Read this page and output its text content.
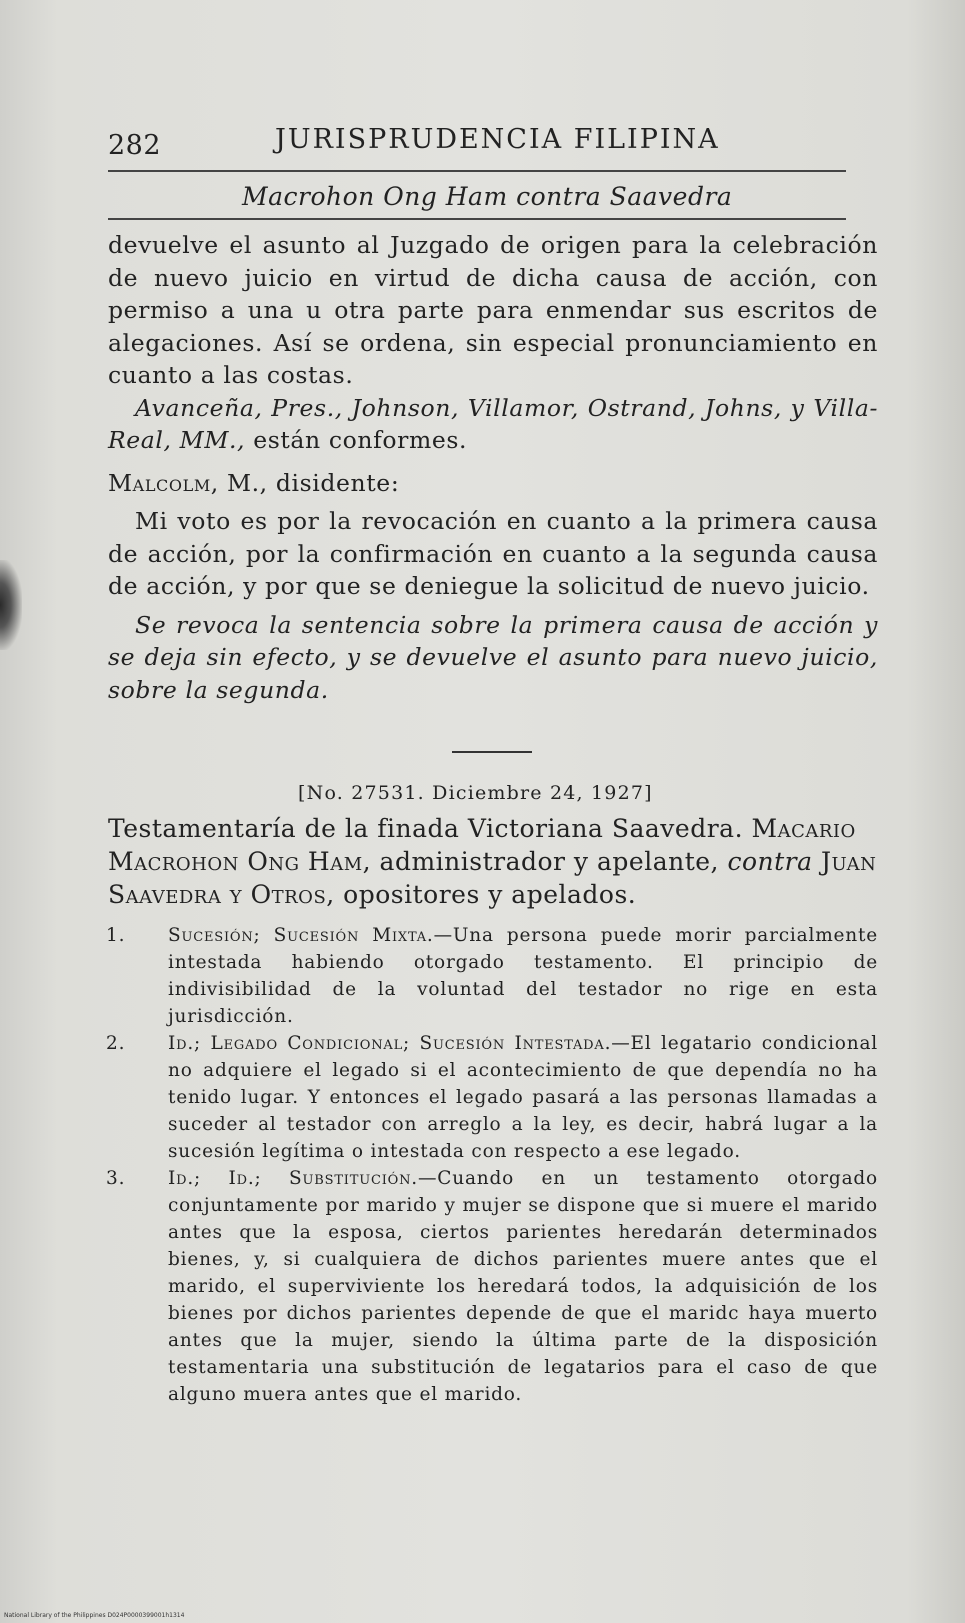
282	JURISPRUDENCIA FILIPINA
Macrohon Ong Ham contra Saavedra

devuelve el asunto al Juzgado de origen para la celebración de nuevo juicio en virtud de dicha causa de acción, con permiso a una u otra parte para enmendar sus escritos de alegaciones. Así se ordena, sin especial pronunciamiento en cuanto a las costas.

Avanceña, Pres., Johnson, Villamor, Ostrand, Johns, y Villa-Real, MM., están conformes.

Malcolm, M., disidente:

Mi voto es por la revocación en cuanto a la primera causa de acción, por la confirmación en cuanto a la segunda causa de acción, y por que se deniegue la solicitud de nuevo juicio.

Se revoca la sentencia sobre la primera causa de acción y se deja sin efecto, y se devuelve el asunto para nuevo juicio, sobre la segunda.

[No. 27531. Diciembre 24, 1927]
Testamentaría de la finada Victoriana Saavedra. Macario Macrohon Ong Ham, administrador y apelante, contra Juan Saavedra y Otros, opositores y apelados.
1. Sucesión; Sucesión Mixta.—Una persona puede morir parcialmente intestada habiendo otorgado testamento. El principio de indivisibilidad de la voluntad del testador no rige en esta jurisdicción.
2. Id.; Legado Condicional; Sucesión Intestada.—El legatario condicional no adquiere el legado si el acontecimiento de que dependía no ha tenido lugar. Y entonces el legado pasará a las personas llamadas a suceder al testador con arreglo a la ley, es decir, habrá lugar a la sucesión legítima o intestada con respecto a ese legado.
3. Id.; Id.; Substitución.—Cuando en un testamento otorgado conjuntamente por marido y mujer se dispone que si muere el marido antes que la esposa, ciertos parientes heredarán determinados bienes, y, si cualquiera de dichos parientes muere antes que el marido, el superviviente los heredará todos, la adquisición de los bienes por dichos parientes depende de que el maridc haya muerto antes que la mujer, siendo la última parte de la disposición testamentaria una substitución de legatarios para el caso de que alguno muera antes que el marido.
National Library of the Philippines D024P0000399001h1314
